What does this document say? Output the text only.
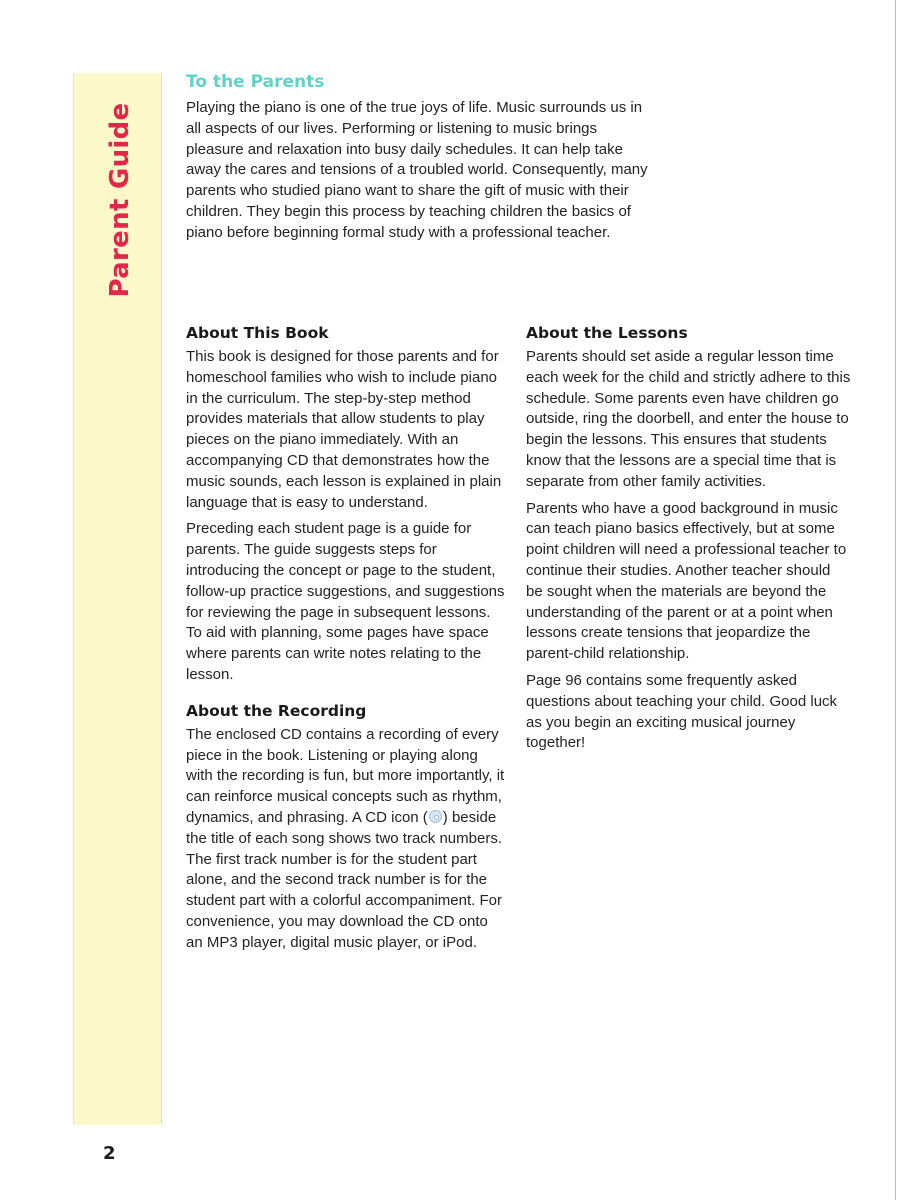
Parent Guide
To the Parents

Playing the piano is one of the true joys of life. Music surrounds us in all aspects of our lives. Performing or listening to music brings pleasure and relaxation into busy daily schedules. It can help take away the cares and tensions of a troubled world. Consequently, many parents who studied piano want to share the gift of music with their children. They begin this process by teaching children the basics of piano before beginning formal study with a professional teacher.

About This Book

This book is designed for those parents and for homeschool families who wish to include piano in the curriculum. The step-by-step method provides materials that allow students to play pieces on the piano immediately. With an accompanying CD that demonstrates how the music sounds, each lesson is explained in plain language that is easy to understand.

Preceding each student page is a guide for parents. The guide suggests steps for introducing the concept or page to the student, follow-up practice suggestions, and suggestions for reviewing the page in subsequent lessons. To aid with planning, some pages have space where parents can write notes relating to the lesson.

About the Recording

The enclosed CD contains a recording of every piece in the book. Listening or playing along with the recording is fun, but more importantly, it can reinforce musical concepts such as rhythm, dynamics, and phrasing. A CD icon ( ) beside the title of each song shows two track numbers. The first track number is for the student part alone, and the second track number is for the student part with a colorful accompaniment. For convenience, you may download the CD onto an MP3 player, digital music player, or iPod.

About the Lessons

Parents should set aside a regular lesson time each week for the child and strictly adhere to this schedule. Some parents even have children go outside, ring the doorbell, and enter the house to begin the lessons. This ensures that students know that the lessons are a special time that is separate from other family activities.

Parents who have a good background in music can teach piano basics effectively, but at some point children will need a professional teacher to continue their studies. Another teacher should be sought when the materials are beyond the understanding of the parent or at a point when lessons create tensions that jeopardize the parent-child relationship.

Page 96 contains some frequently asked questions about teaching your child. Good luck as you begin an exciting musical journey together!

2
